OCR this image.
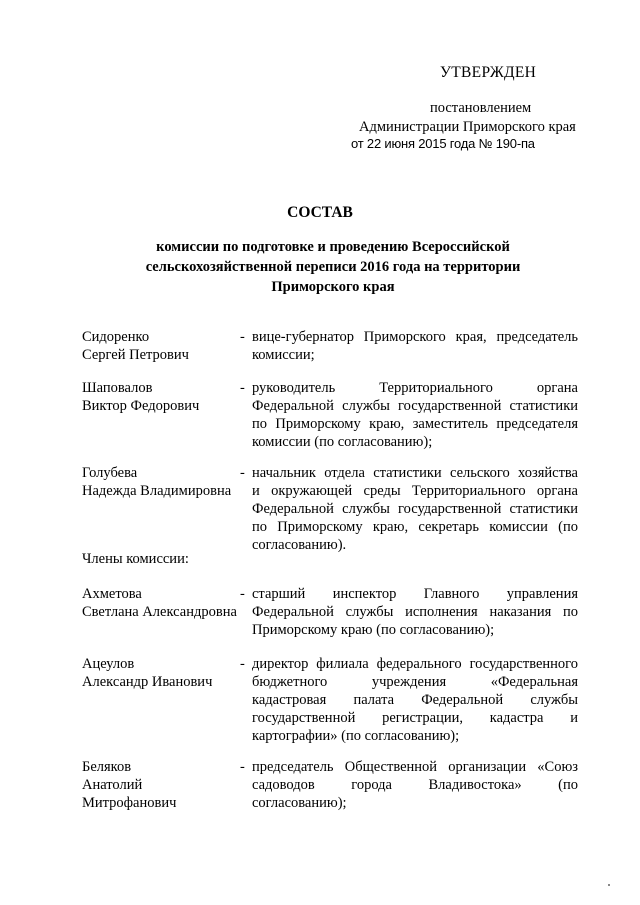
УТВЕРЖДЕН
постановлением
Администрации Приморского края
от 22 июня 2015 года № 190-па
СОСТАВ
комиссии по подготовке и проведению Всероссийской
сельскохозяйственной переписи 2016 года на территории
Приморского края
Сидоренко
Сергей Петрович
- вице-губернатор Приморского края, председатель
комиссии;
Шаповалов
Виктор Федорович
- руководитель Территориального органа
Федеральной службы государственной статистики
по Приморскому краю, заместитель председателя
комиссии (по согласованию);
Голубева
Надежда Владимировна
- начальник отдела статистики сельского хозяйства
и окружающей среды Территориального органа
Федеральной службы государственной статистики
по Приморскому краю, секретарь комиссии (по
согласованию).
Члены комиссии:
Ахметова
Светлана Александровна
- старший инспектор Главного управления
Федеральной службы исполнения наказания по
Приморскому краю (по согласованию);
Ацеулов
Александр Иванович
- директор филиала федерального государственного
бюджетного учреждения «Федеральная
кадастровая палата Федеральной службы
государственной регистрации, кадастра и
картографии» (по согласованию);
Беляков
Анатолий
Митрофанович
- председатель Общественной организации «Союз
садоводов города Владивостока» (по
согласованию);
